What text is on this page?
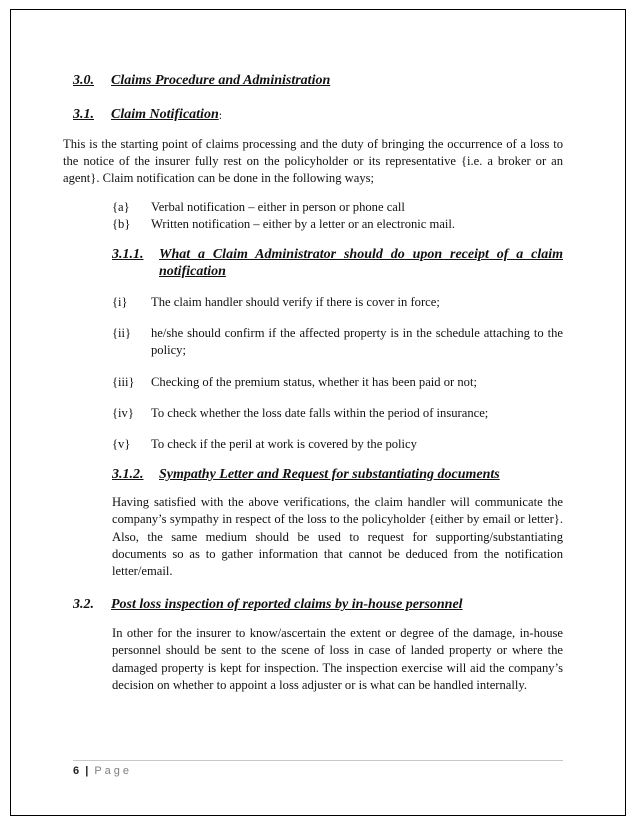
3.0.	Claims Procedure and Administration
3.1.	Claim Notification :

This is the starting point of claims processing and the duty of bringing the occurrence of a loss to the notice of the insurer fully rest on the policyholder or its representative {i.e. a broker or an agent}. Claim notification can be done in the following ways;

{a}	Verbal notification – either in person or phone call
{b}	Written notification – either by a letter or an electronic mail.
3.1.1.	What a Claim Administrator should do upon receipt of a claim notification
{i}	The claim handler should verify if there is cover in force;
{ii}	he/she should confirm if the affected property is in the schedule attaching to the policy;
{iii}	Checking of the premium status, whether it has been paid or not;
{iv}	To check whether the loss date falls within the period of insurance;
{v}	To check if the peril at work is covered by the policy
3.1.2.	Sympathy Letter and Request for substantiating documents

Having satisfied with the above verifications, the claim handler will communicate the company’s sympathy in respect of the loss to the policyholder {either by email or letter}. Also, the same medium should be used to request for supporting/substantiating documents so as to gather information that cannot be deduced from the notification letter/email.

3.2.	Post loss inspection of reported claims by in-house personnel

In other for the insurer to know/ascertain the extent or degree of the damage, in-house personnel should be sent to the scene of loss in case of landed property or where the damaged property is kept for inspection. The inspection exercise will aid the company’s decision on whether to appoint a loss adjuster or is what can be handled internally.

6 | Page
